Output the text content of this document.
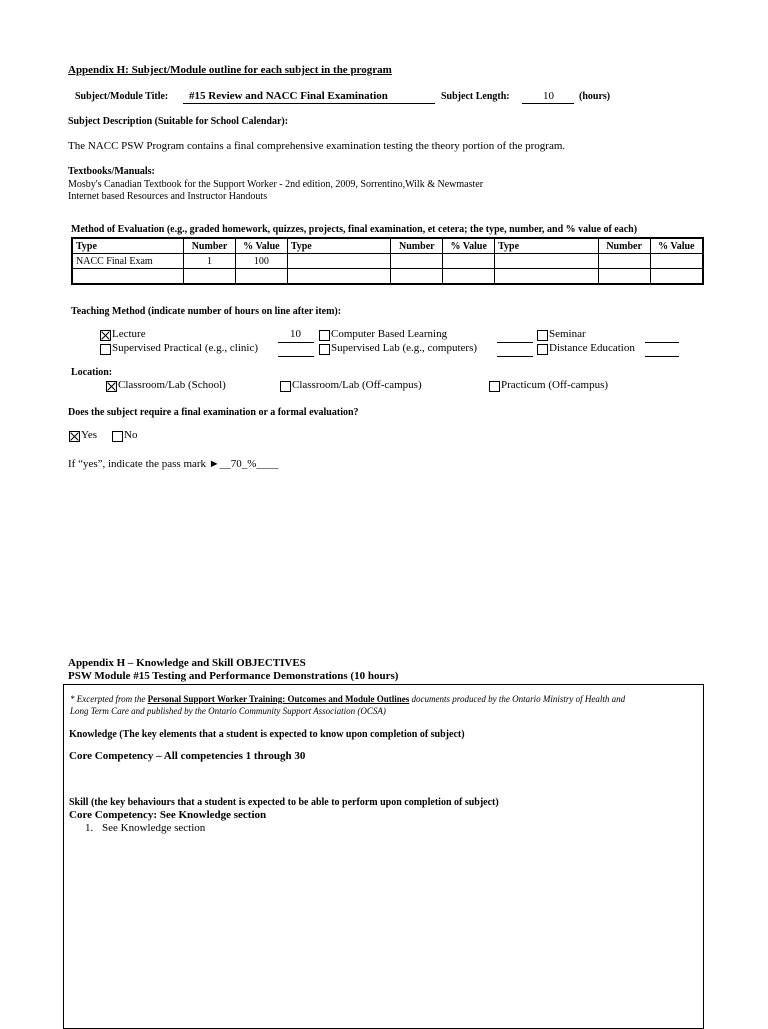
Appendix H: Subject/Module outline for each subject in the program
Subject/Module Title: #15 Review and NACC Final Examination	Subject Length:	10	(hours)
Subject Description (Suitable for School Calendar):
The NACC PSW Program contains a final comprehensive examination testing the theory portion of the program.
Textbooks/Manuals:
Mosby's Canadian Textbook for the Support Worker - 2nd edition, 2009, Sorrentino,Wilk & Newmaster
Internet based Resources and Instructor Handouts
Method of Evaluation (e.g., graded homework, quizzes, projects, final examination, et cetera; the type, number, and % value of each)
Type	Number	% Value	Type	Number	% Value	Type	Number	% Value
NACC Final Exam	1	100						

Teaching Method (indicate number of hours on line after item):
Lecture	10	Computer Based Learning	Seminar
Supervised Practical (e.g., clinic)	Supervised Lab (e.g., computers)	Distance Education
Location:
Classroom/Lab (School)	Classroom/Lab (Off-campus)	Practicum (Off-campus)
Does the subject require a final examination or a formal evaluation?
Yes No
If “yes”, indicate the pass mark ►__70_%____
Appendix H – Knowledge and Skill OBJECTIVES
PSW Module #15 Testing and Performance Demonstrations (10 hours)
* Excerpted from the Personal Support Worker Training: Outcomes and Module Outlines documents produced by the Ontario Ministry of Health and
Long Term Care and published by the Ontario Community Support Association (OCSA)
Knowledge (The key elements that a student is expected to know upon completion of subject)
Core Competency – All competencies 1 through 30
Skill (the key behaviours that a student is expected to be able to perform upon completion of subject)
Core Competency: See Knowledge section
1. See Knowledge section
